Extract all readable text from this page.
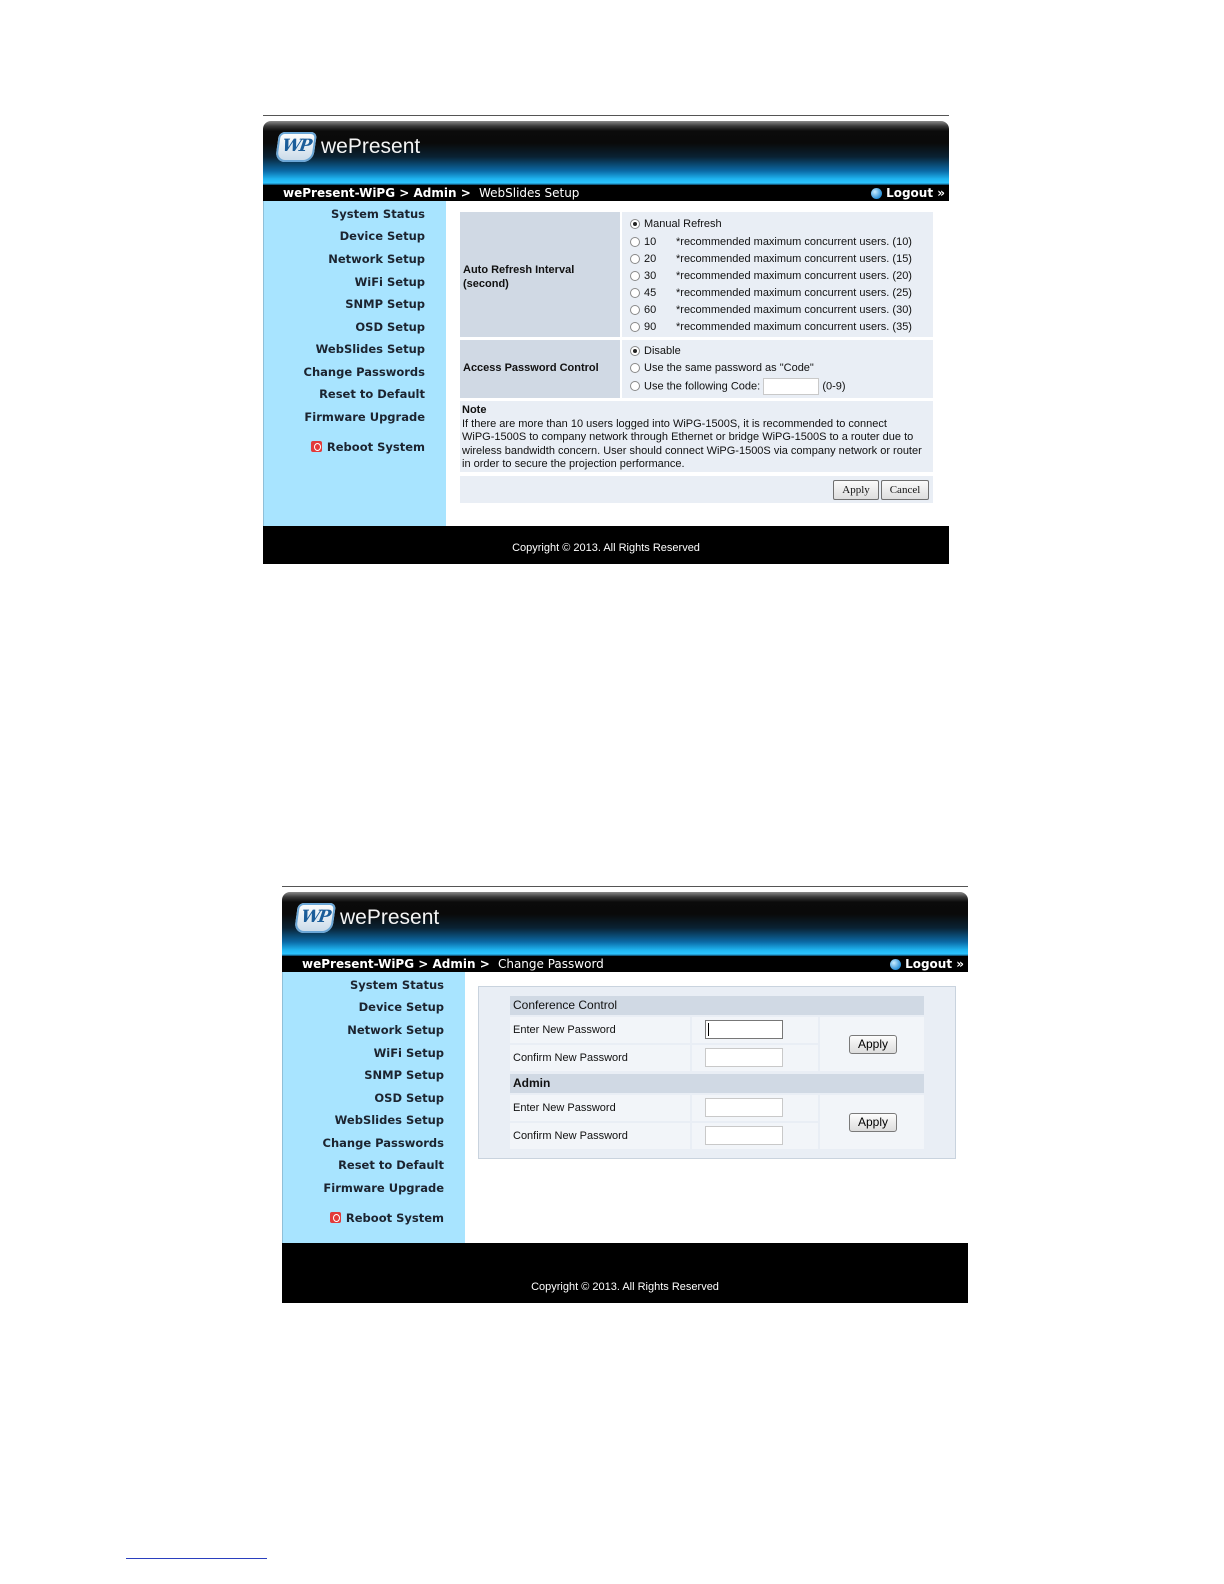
WP wePresent
wePresent-WiPG > Admin > WebSlides Setup	Logout »
System Status
Device Setup
Network Setup
WiFi Setup
SNMP Setup
OSD Setup
WebSlides Setup
Change Passwords
Reset to Default
Firmware Upgrade
Reboot System
Auto Refresh Interval (second)
Manual Refresh
10 *recommended maximum concurrent users. (10)
20 *recommended maximum concurrent users. (15)
30 *recommended maximum concurrent users. (20)
45 *recommended maximum concurrent users. (25)
60 *recommended maximum concurrent users. (30)
90 *recommended maximum concurrent users. (35)
Access Password Control
Disable
Use the same password as "Code"
Use the following Code:	(0-9)
Note
If there are more than 10 users logged into WiPG-1500S, it is recommended to connect
WiPG-1500S to company network through Ethernet or bridge WiPG-1500S to a router due to
wireless bandwidth concern. User should connect WiPG-1500S via company network or router
in order to secure the projection performance.
Apply	Cancel
Copyright © 2013. All Rights Reserved
WP wePresent
wePresent-WiPG > Admin > Change Password	Logout »
System Status
Device Setup
Network Setup
WiFi Setup
SNMP Setup
OSD Setup
WebSlides Setup
Change Passwords
Reset to Default
Firmware Upgrade
Reboot System
Conference Control
Enter New Password
Confirm New Password
Apply
Admin
Enter New Password
Confirm New Password
Apply
Copyright © 2013. All Rights Reserved
